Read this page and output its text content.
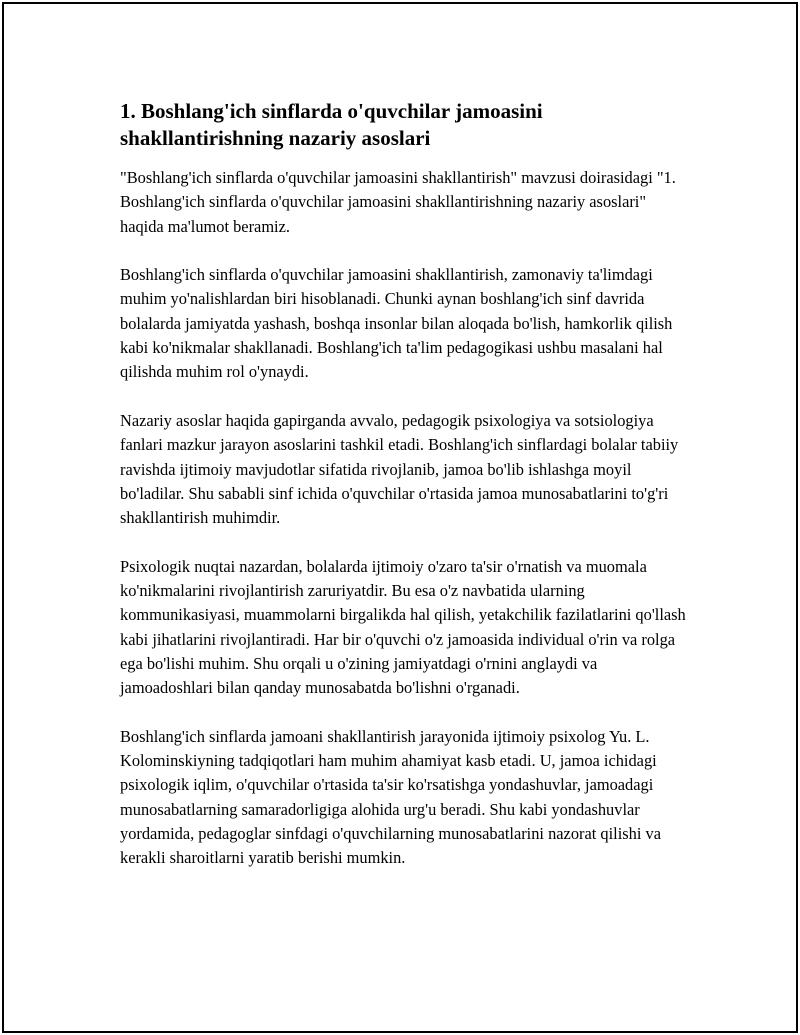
1. Boshlang'ich sinflarda o'quvchilar jamoasini shakllantirishning nazariy asoslari

"Boshlang'ich sinflarda o'quvchilar jamoasini shakllantirish" mavzusi doirasidagi "1. Boshlang'ich sinflarda o'quvchilar jamoasini shakllantirishning nazariy asoslari" haqida ma'lumot beramiz.

Boshlang'ich sinflarda o'quvchilar jamoasini shakllantirish, zamonaviy ta'limdagi muhim yo'nalishlardan biri hisoblanadi. Chunki aynan boshlang'ich sinf davrida bolalarda jamiyatda yashash, boshqa insonlar bilan aloqada bo'lish, hamkorlik qilish kabi ko'nikmalar shakllanadi. Boshlang'ich ta'lim pedagogikasi ushbu masalani hal qilishda muhim rol o'ynaydi.

Nazariy asoslar haqida gapirganda avvalo, pedagogik psixologiya va sotsiologiya fanlari mazkur jarayon asoslarini tashkil etadi. Boshlang'ich sinflardagi bolalar tabiiy ravishda ijtimoiy mavjudotlar sifatida rivojlanib, jamoa bo'lib ishlashga moyil bo'ladilar. Shu sababli sinf ichida o'quvchilar o'rtasida jamoa munosabatlarini to'g'ri shakllantirish muhimdir.

Psixologik nuqtai nazardan, bolalarda ijtimoiy o'zaro ta'sir o'rnatish va muomala ko'nikmalarini rivojlantirish zaruriyatdir. Bu esa o'z navbatida ularning kommunikasiyasi, muammolarni birgalikda hal qilish, yetakchilik fazilatlarini qo'llash kabi jihatlarini rivojlantiradi. Har bir o'quvchi o'z jamoasida individual o'rin va rolga ega bo'lishi muhim. Shu orqali u o'zining jamiyatdagi o'rnini anglaydi va jamoadoshlari bilan qanday munosabatda bo'lishni o'rganadi.

Boshlang'ich sinflarda jamoani shakllantirish jarayonida ijtimoiy psixolog Yu. L. Kolominskiyning tadqiqotlari ham muhim ahamiyat kasb etadi. U, jamoa ichidagi psixologik iqlim, o'quvchilar o'rtasida ta'sir ko'rsatishga yondashuvlar, jamoadagi munosabatlarning samaradorligiga alohida urg'u beradi. Shu kabi yondashuvlar yordamida, pedagoglar sinfdagi o'quvchilarning munosabatlarini nazorat qilishi va kerakli sharoitlarni yaratib berishi mumkin.
